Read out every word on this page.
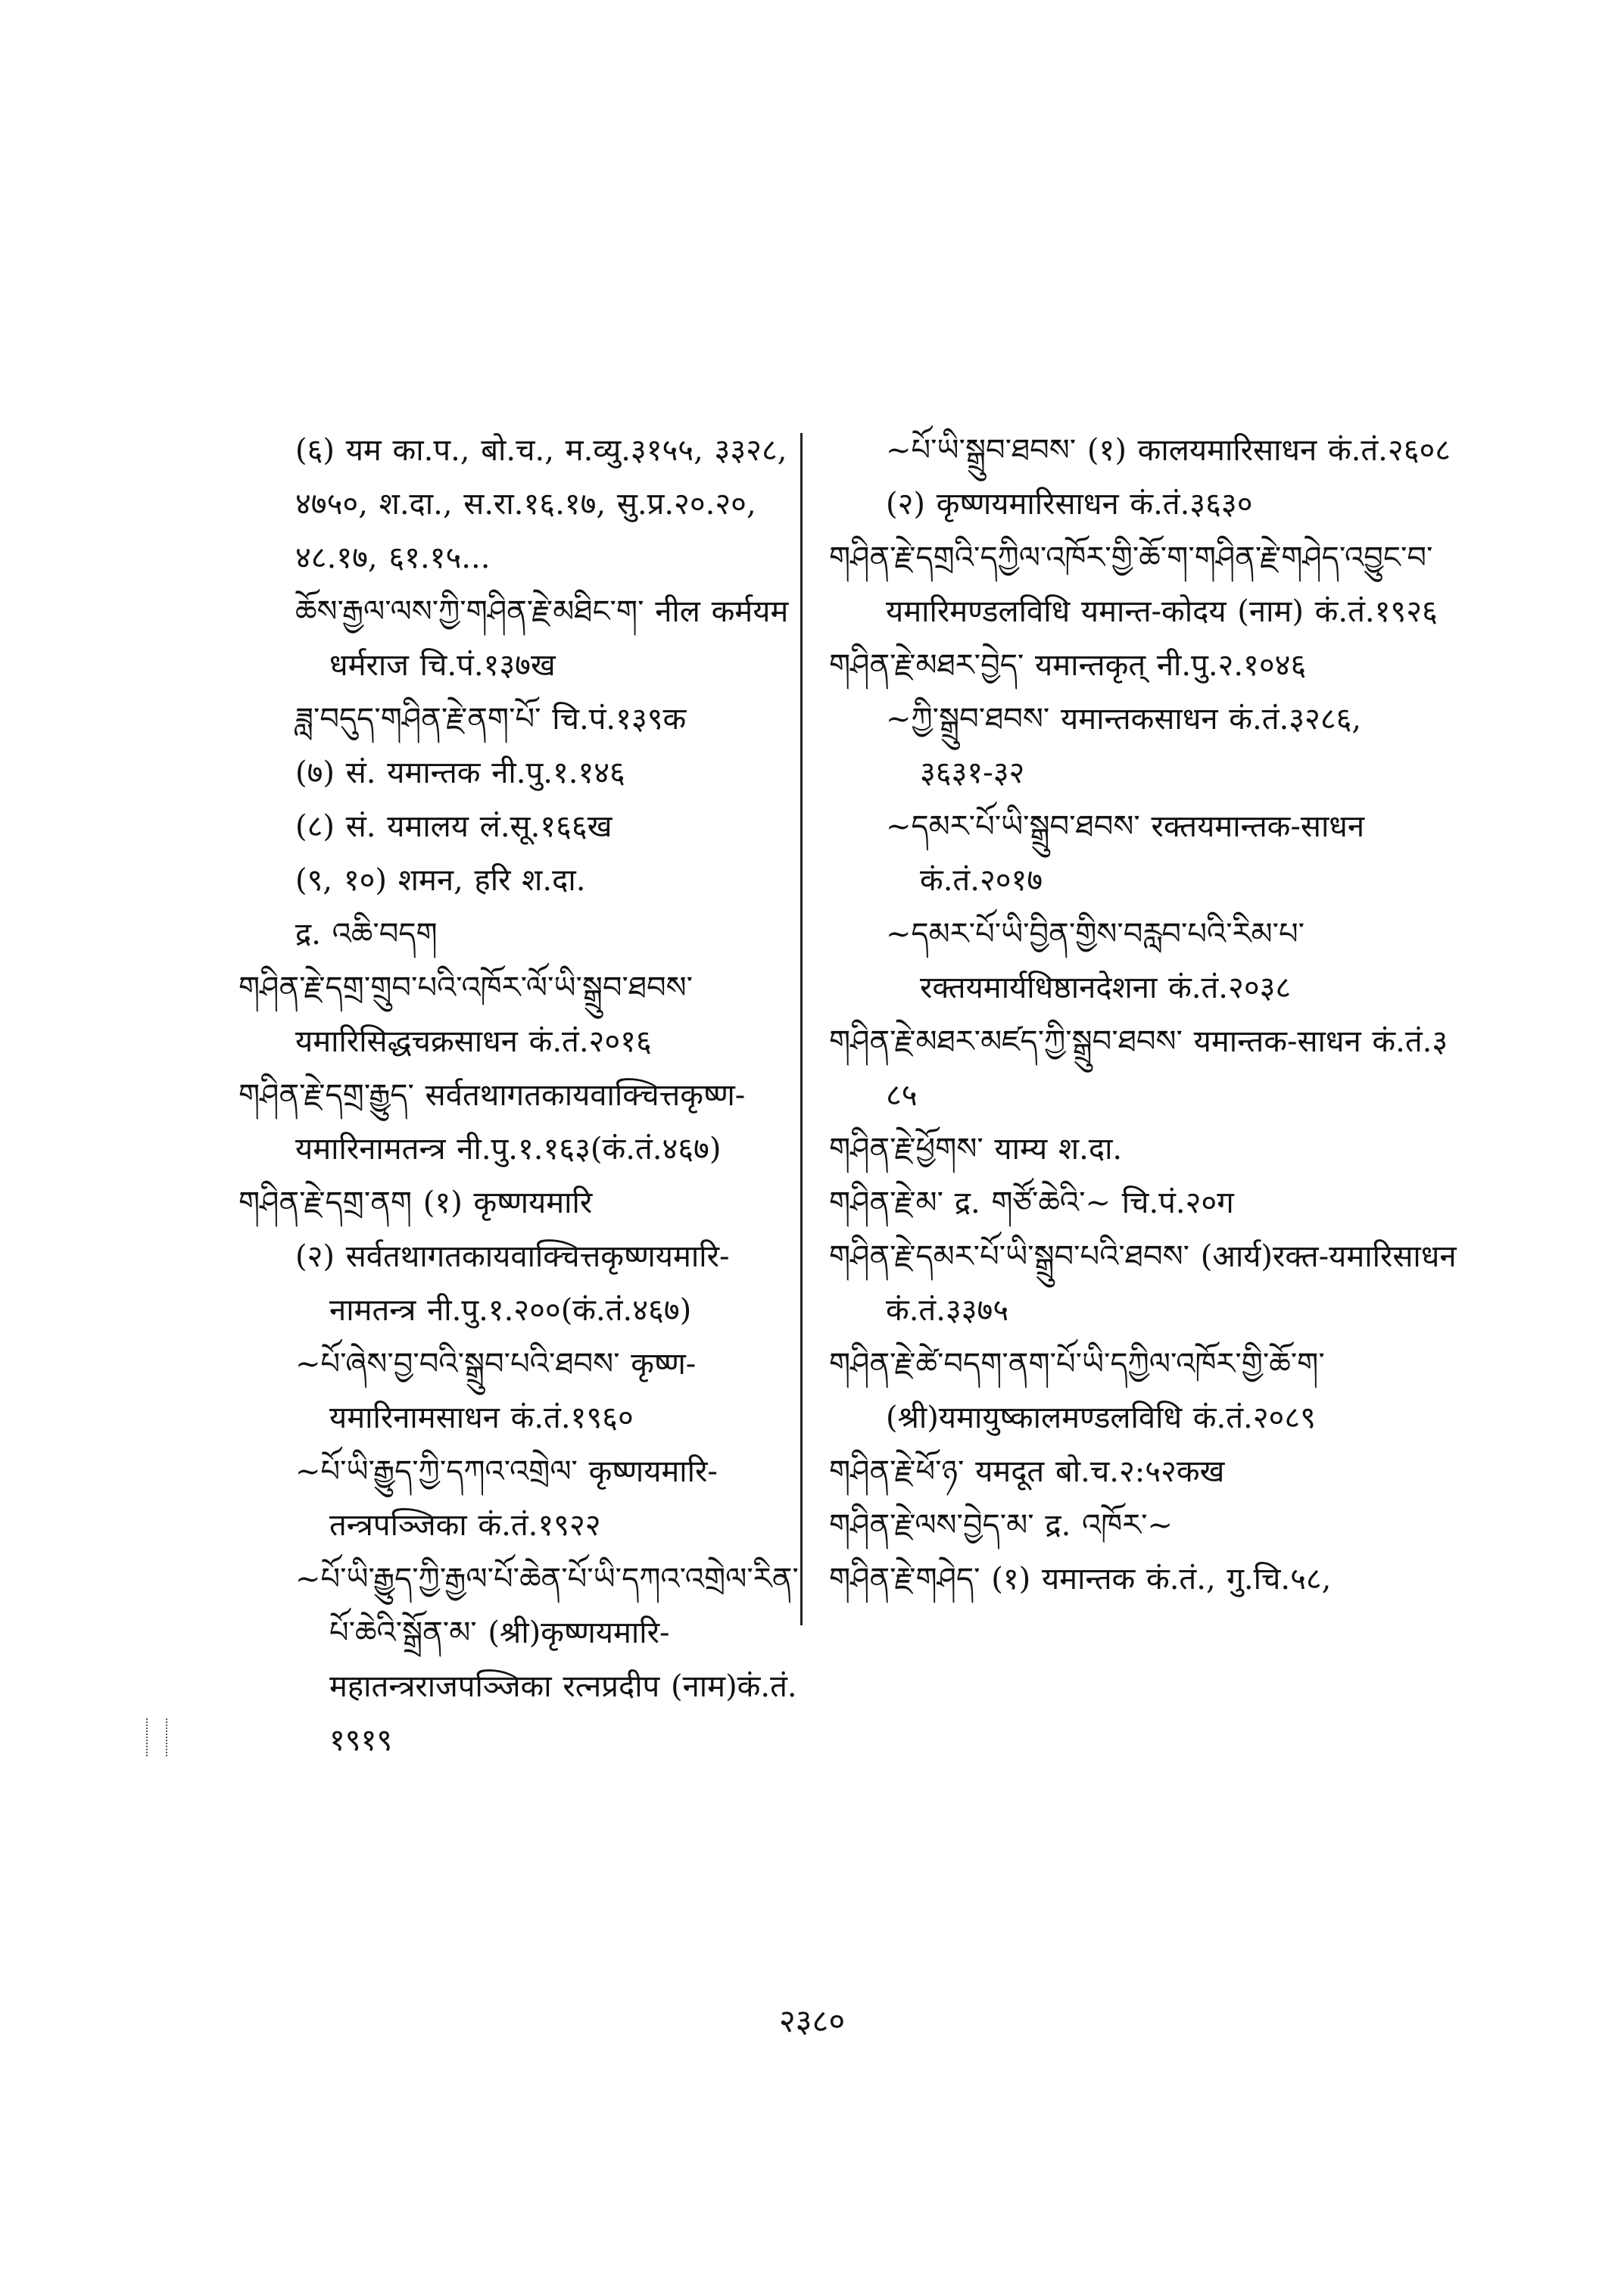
(६) यम का.प., बो.च., म.व्यु.३१५५, ३३२८, ४७५०, श.दा., स.रा.१६.१७, सु.प्र.२०.२०, ४८.१७, ६१.१५...

ཆོས་རྒྱལ་ལས་ཀྱི་གཤིན་རྗེ་མཐིང་ག་ नील कर्मयम धर्मराज चि.पं.१३७ख

ཟླ་བདུད་གཤིན་རྗེ་ནག་པོ་ चि.पं.१३९क

(७) सं. यमान्तक नी.पु.१.१४६

(८) सं. यमालय लं.सू.१६६ख

(९, १०) शमन, हरि श.दा.

द्र. འཆི་བདག

གཤིན་རྗེ་དགྲ་གྲུབ་པའི་འཁོར་ལོ་ཡི་སྒྲུབ་ཐབས་ यमारिसिद्धचक्रसाधन कं.तं.२०१६

གཤིན་རྗེ་དགྲ་རྒྱུད་ सर्वतथागतकायवाक्चित्तकृष्ण-यमारिनामतन्त्र नी.पु.१.१६३(कं.तं.४६७)

གཤིན་རྗེ་དགྲ་ནག (१) कृष्णयमारि

(२) सर्वतथागतकायवाक्चित्तकृष्णयमारि-नामतन्त्र नी.पु.१.२००(कं.तं.४६७)

~པོ་ཞེས་བྱ་བའི་སྒྲུབ་པའི་ཐབས་ कृष्ण-यमारिनामसाधन कं.तं.१९६०

~པོ་ཡི་རྒྱུད་ཀྱི་དཀའ་འགྲེལ་ कृष्णयमारि-तन्त्रपञ्जिका कं.तं.१९२२

~པོ་ཡི་རྒྱུད་ཀྱི་རྒྱལ་པོ་ཆེན་པོ་ཡི་དཀའ་འགྲེལ་རིན་པོ་ཆེའི་སྒྲོན་མ་ (श्री)कृष्णयमारि-महातन्त्रराजपञ्जिका रत्नप्रदीप (नाम)कं.तं. १९१९

~པོ་ཡི་སྒྲུབ་ཐབས་ (१) कालयमारिसाधन कं.तं.२६०८

(२) कृष्णयमारिसाधन कं.तं.३६३०

གཤིན་རྗེ་དགྲའི་དཀྱིལ་འཁོར་གྱི་ཆོ་ག་གཤིན་རྗེ་གཤེད་འབྱུང་བ་ यमारिमण्डलविधि यमान्त-कोदय (नाम) कं.तं.१९२६

གཤིན་རྗེ་མཐར་བྱེད་ यमान्तकृत् नी.पु.२.१०४६

~ཀྱི་སྒྲུབ་ཐབས་ यमान्तकसाधन कं.तं.३२८६, ३६३१-३२

~དམར་པོ་ཡི་སྒྲུབ་ཐབས་ रक्तयमान्तक-साधन कं.तं.२०१७

~དམར་པོ་ཡི་བྱིན་གྱིས་བརླབ་པའི་རིམ་པ་ रक्तयमार्यधिष्ठानदेशना कं.तं.२०३८

གཤིན་རྗེ་མཐར་མཛད་ཀྱི་སྒྲུབ་ཐབས་ यमान्तक-साधन कं.तं.३ ८५

གཤིན་རྗེ་ཕྱོགས་ याम्य श.दा.

གཤིན་རྗེ་མ་ द्र. གཙོ་ཆེའི་~ चि.पं.२०ग

གཤིན་རྗེ་དམར་པོ་ཡི་སྒྲུབ་པའི་ཐབས་ (आर्य)रक्त-यमारिसाधन कं.तं.३३७५

གཤིན་རྗེ་ཚེ་བདག་ནག་པོ་ཡི་དཀྱིལ་འཁོར་གྱི་ཆོ་ག་ (श्री)यमायुष्कालमण्डलविधि कं.तं.२०८९

གཤིན་རྗེ་ཕོ་ཉ་ यमदूत बो.च.२:५२कख

གཤིན་རྗེ་ལས་བྱེད་མ་ द्र. འཁོར་~

གཤིན་རྗེ་གཤེད་ (१) यमान्तक कं.तं., गु.चि.५८,

२३८०
